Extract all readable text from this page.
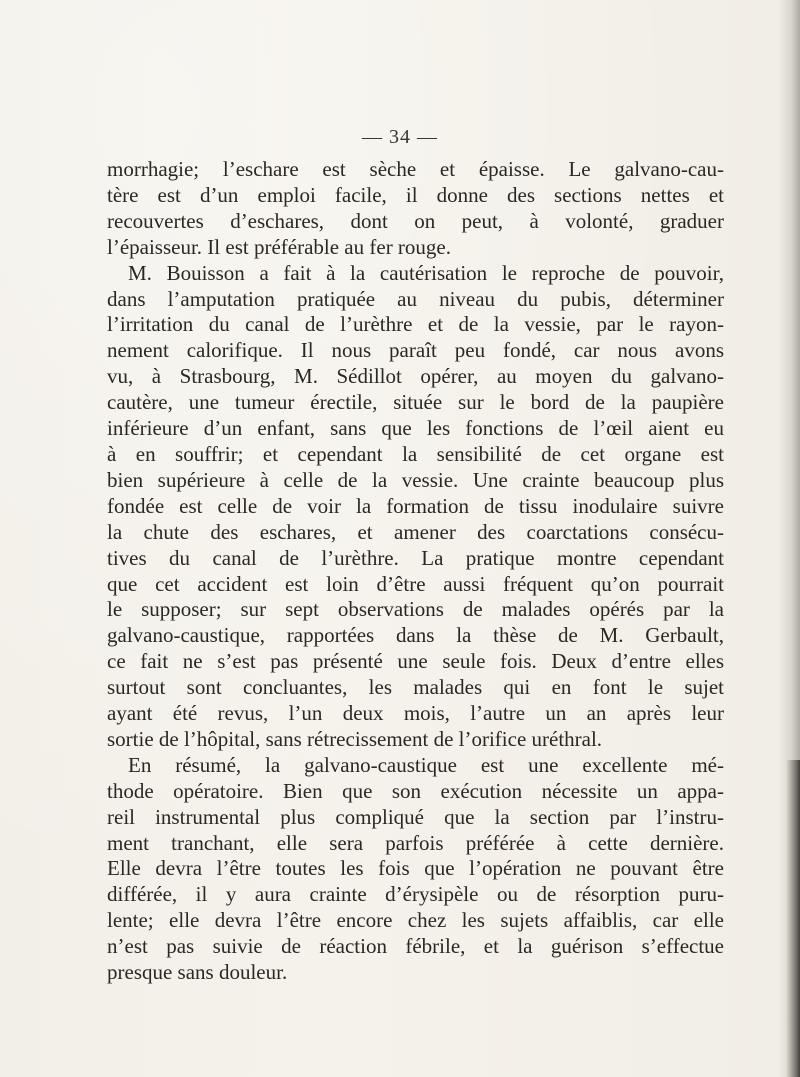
— 34 —
morrhagie; l’eschare est sèche et épaisse. Le galvano-cau-
tère est d’un emploi facile, il donne des sections nettes et
recouvertes d’eschares, dont on peut, à volonté, graduer
l’épaisseur. Il est préférable au fer rouge.
M. Bouisson a fait à la cautérisation le reproche de pouvoir,
dans l’amputation pratiquée au niveau du pubis, déterminer
l’irritation du canal de l’urèthre et de la vessie, par le rayon-
nement calorifique. Il nous paraît peu fondé, car nous avons
vu, à Strasbourg, M. Sédillot opérer, au moyen du galvano-
cautère, une tumeur érectile, située sur le bord de la paupière
inférieure d’un enfant, sans que les fonctions de l’œil aient eu
à en souffrir; et cependant la sensibilité de cet organe est
bien supérieure à celle de la vessie. Une crainte beaucoup plus
fondée est celle de voir la formation de tissu inodulaire suivre
la chute des eschares, et amener des coarctations consécu-
tives du canal de l’urèthre. La pratique montre cependant
que cet accident est loin d’être aussi fréquent qu’on pourrait
le supposer; sur sept observations de malades opérés par la
galvano-caustique, rapportées dans la thèse de M. Gerbault,
ce fait ne s’est pas présenté une seule fois. Deux d’entre elles
surtout sont concluantes, les malades qui en font le sujet
ayant été revus, l’un deux mois, l’autre un an après leur
sortie de l’hôpital, sans rétrecissement de l’orifice uréthral.
En résumé, la galvano-caustique est une excellente mé-
thode opératoire. Bien que son exécution nécessite un appa-
reil instrumental plus compliqué que la section par l’instru-
ment tranchant, elle sera parfois préférée à cette dernière.
Elle devra l’être toutes les fois que l’opération ne pouvant être
différée, il y aura crainte d’érysipèle ou de résorption puru-
lente; elle devra l’être encore chez les sujets affaiblis, car elle
n’est pas suivie de réaction fébrile, et la guérison s’effectue
presque sans douleur.
